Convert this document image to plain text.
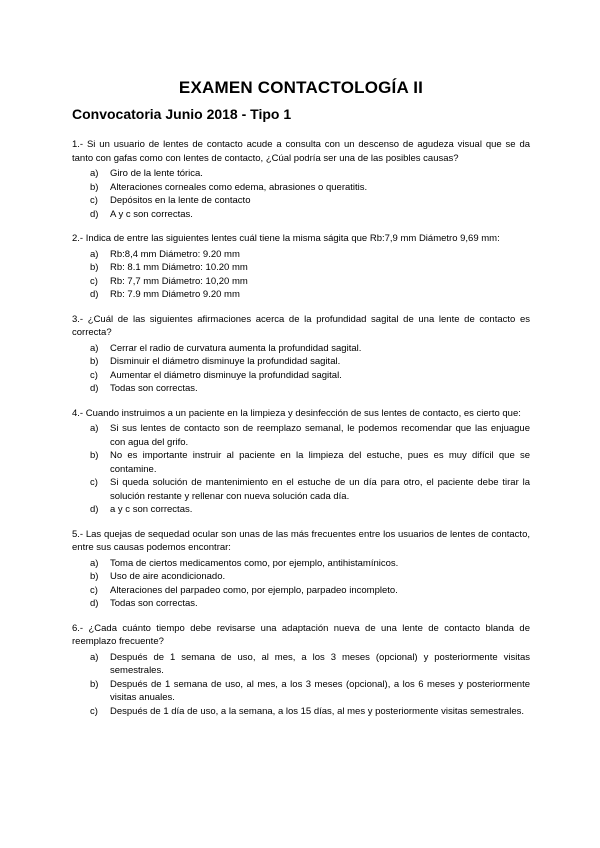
EXAMEN CONTACTOLOGÍA II
Convocatoria Junio 2018 - Tipo 1

1.- Si un usuario de lentes de contacto acude a consulta con un descenso de agudeza visual que se da tanto con gafas como con lentes de contacto, ¿Cúal podría ser una de las posibles causas?

a)	Giro de la lente tórica.
b)	Alteraciones corneales como edema, abrasiones o queratitis.
c)	Depósitos en la lente de contacto
d)	A y c son correctas.

2.- Indica de entre las siguientes lentes cuál tiene la misma ságita que Rb:7,9 mm Diámetro 9,69 mm:

a)	Rb:8,4 mm Diámetro: 9.20 mm
b)	Rb: 8.1 mm Diámetro: 10.20 mm
c)	Rb: 7,7 mm Diámetro: 10,20 mm
d)	Rb: 7.9 mm Diámetro 9.20 mm

3.- ¿Cuál de las siguientes afirmaciones acerca de la profundidad sagital de una lente de contacto es correcta?

a)	Cerrar el radio de curvatura aumenta la profundidad sagital.
b)	Disminuir el diámetro disminuye la profundidad sagital.
c)	Aumentar el diámetro disminuye la profundidad sagital.
d)	Todas son correctas.

4.- Cuando instruimos a un paciente en la limpieza y desinfección de sus lentes de contacto, es cierto que:

a)	Si sus lentes de contacto son de reemplazo semanal, le podemos recomendar que las enjuague con agua del grifo.
b)	No es importante instruir al paciente en la limpieza del estuche, pues es muy difícil que se contamine.
c)	Si queda solución de mantenimiento en el estuche de un día para otro, el paciente debe tirar la solución restante y rellenar con nueva solución cada día.
d)	a y c son correctas.

5.- Las quejas de sequedad ocular son unas de las más frecuentes entre los usuarios de lentes de contacto, entre sus causas podemos encontrar:

a)	Toma de ciertos medicamentos como, por ejemplo, antihistamínicos.
b)	Uso de aire acondicionado.
c)	Alteraciones del parpadeo como, por ejemplo, parpadeo incompleto.
d)	Todas son correctas.

6.- ¿Cada cuánto tiempo debe revisarse una adaptación nueva de una lente de contacto blanda de reemplazo frecuente?

a)	Después de 1 semana de uso, al mes, a los 3 meses (opcional) y posteriormente visitas semestrales.
b)	Después de 1 semana de uso, al mes, a los 3 meses (opcional), a los 6 meses y posteriormente visitas anuales.
c)	Después de 1 día de uso, a la semana, a los 15 días, al mes y posteriormente visitas semestrales.
